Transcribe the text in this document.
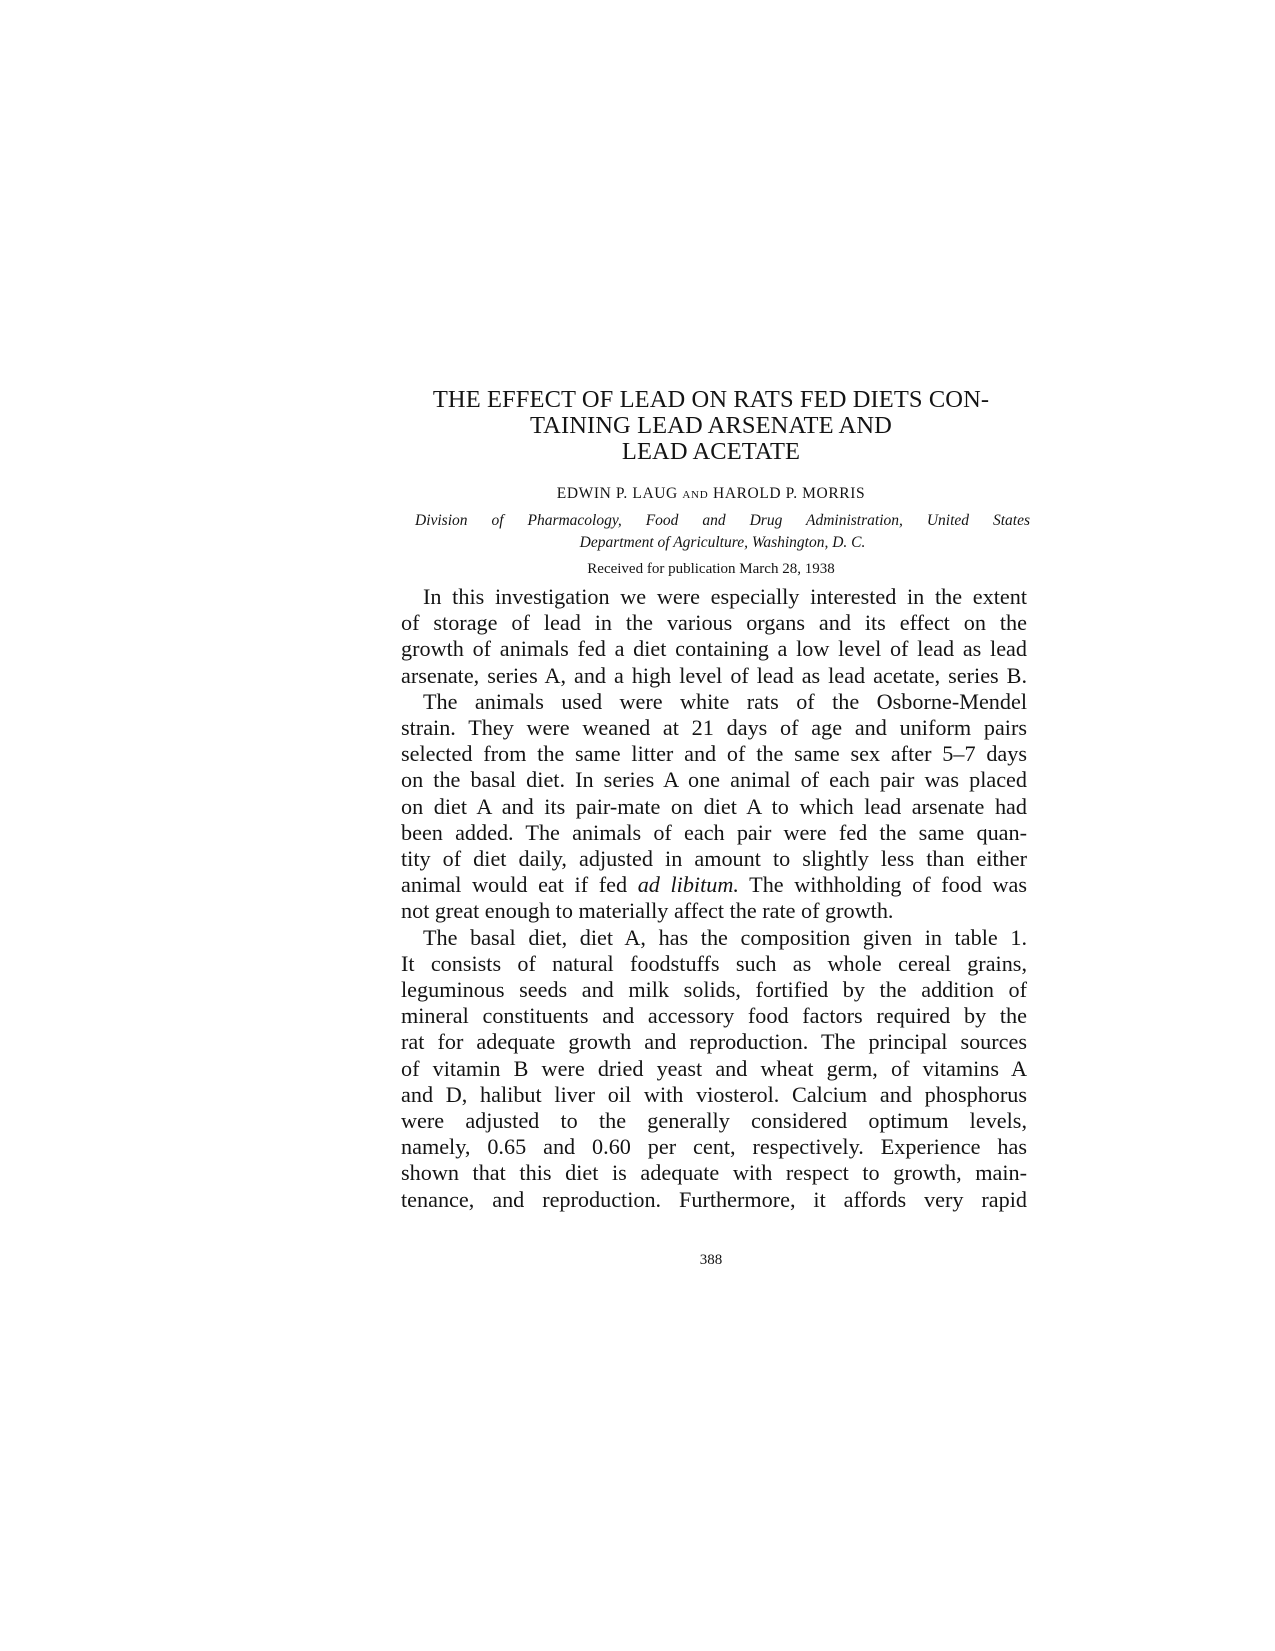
THE EFFECT OF LEAD ON RATS FED DIETS CON-
TAINING LEAD ARSENATE AND
LEAD ACETATE
EDWIN P. LAUG AND HAROLD P. MORRIS
Division of Pharmacology, Food and Drug Administration, United States
Department of Agriculture, Washington, D. C.
Received for publication March 28, 1938

In this investigation we were especially interested in the extent
of storage of lead in the various organs and its effect on the
growth of animals fed a diet containing a low level of lead as lead
arsenate, series A, and a high level of lead as lead acetate, series B.

The animals used were white rats of the Osborne-Mendel
strain. They were weaned at 21 days of age and uniform pairs
selected from the same litter and of the same sex after 5–7 days
on the basal diet. In series A one animal of each pair was placed
on diet A and its pair-mate on diet A to which lead arsenate had
been added. The animals of each pair were fed the same quan-
tity of diet daily, adjusted in amount to slightly less than either
animal would eat if fed ad libitum. The withholding of food was
not great enough to materially affect the rate of growth.

The basal diet, diet A, has the composition given in table 1.
It consists of natural foodstuffs such as whole cereal grains,
leguminous seeds and milk solids, fortified by the addition of
mineral constituents and accessory food factors required by the
rat for adequate growth and reproduction. The principal sources
of vitamin B were dried yeast and wheat germ, of vitamins A
and D, halibut liver oil with viosterol. Calcium and phosphorus
were adjusted to the generally considered optimum levels,
namely, 0.65 and 0.60 per cent, respectively. Experience has
shown that this diet is adequate with respect to growth, main-
tenance, and reproduction. Furthermore, it affords very rapid

388
